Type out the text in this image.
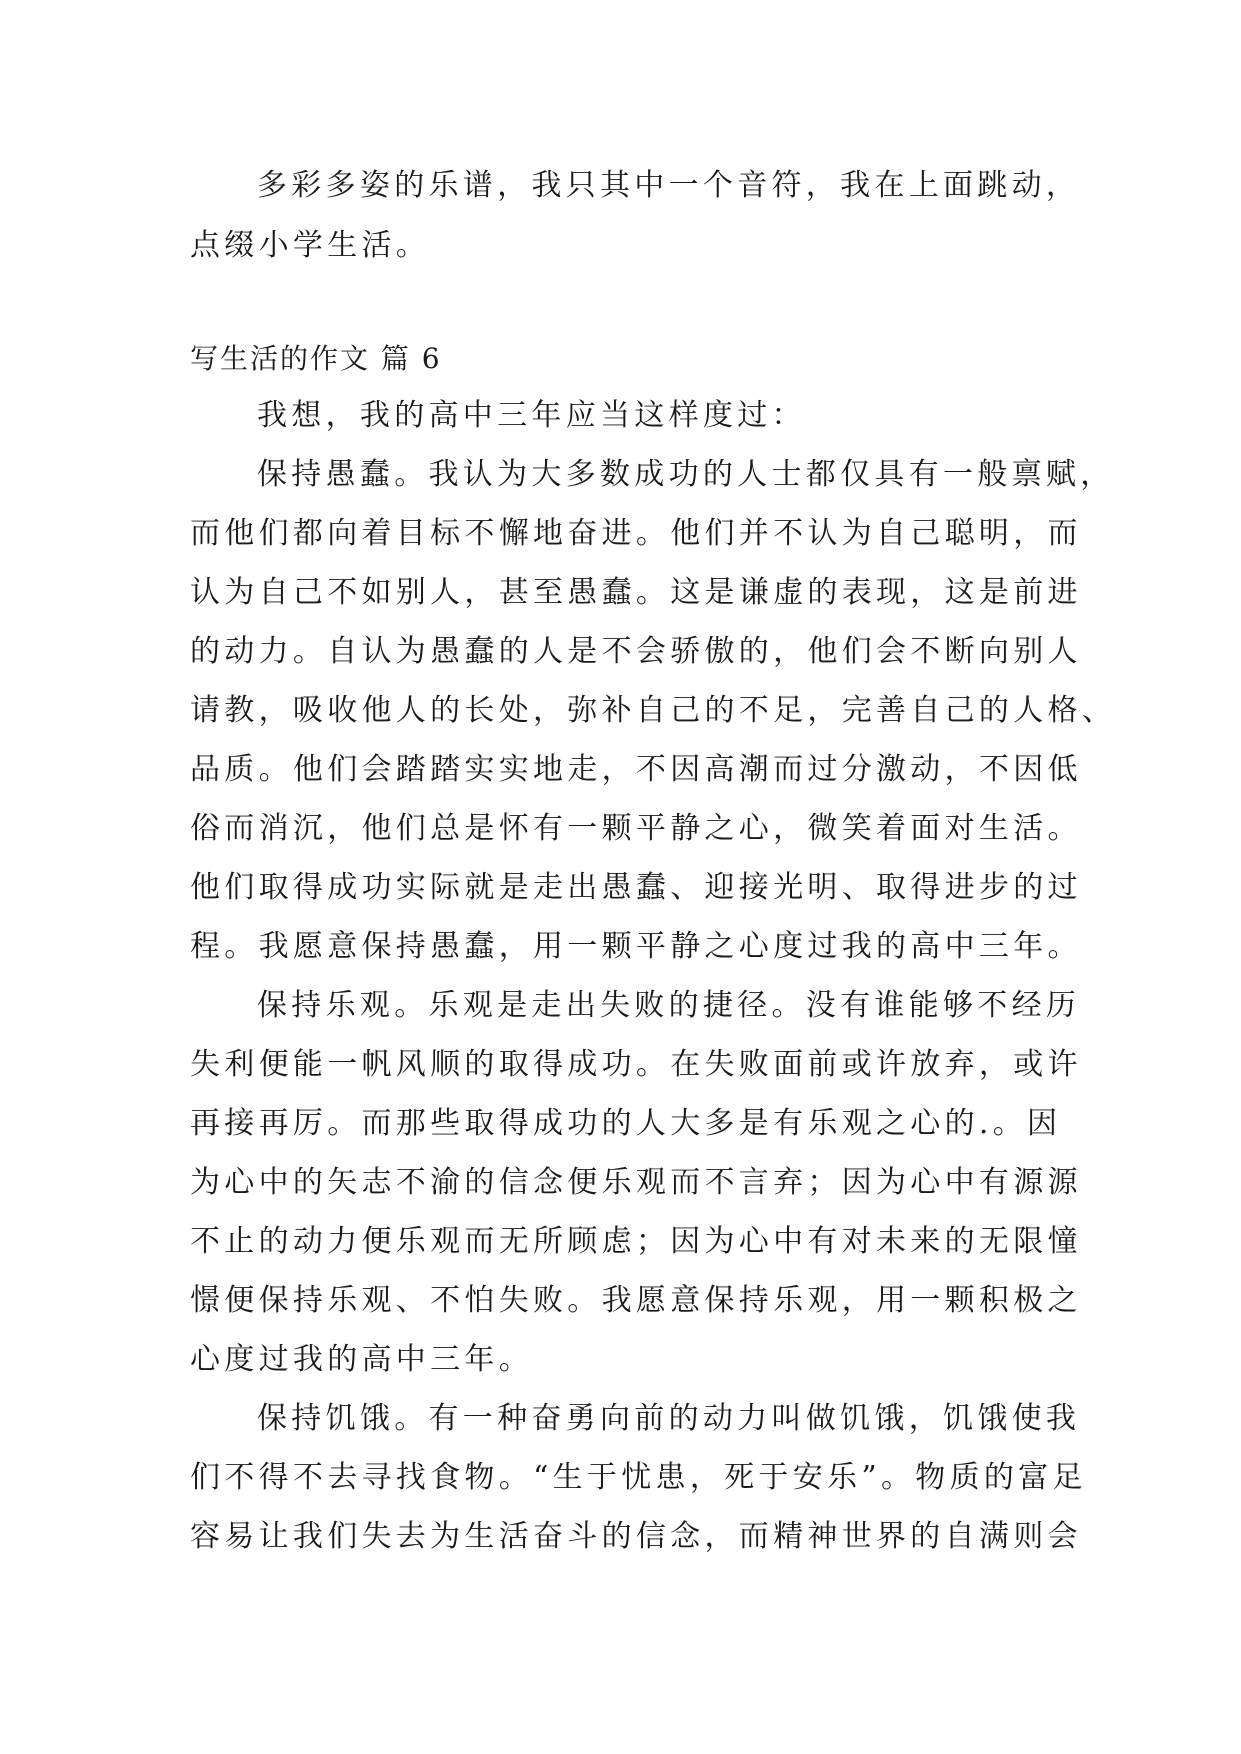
多彩多姿的乐谱，我只其中一个音符，我在上面跳动，
点缀小学生活。
写生活的作文 篇 6
我想，我的高中三年应当这样度过：
保持愚蠢。我认为大多数成功的人士都仅具有一般禀赋，
而他们都向着目标不懈地奋进。他们并不认为自己聪明，而
认为自己不如别人，甚至愚蠢。这是谦虚的表现，这是前进
的动力。自认为愚蠢的人是不会骄傲的，他们会不断向别人
请教，吸收他人的长处，弥补自己的不足，完善自己的人格、
品质。他们会踏踏实实地走，不因高潮而过分激动，不因低
俗而消沉，他们总是怀有一颗平静之心，微笑着面对生活。
他们取得成功实际就是走出愚蠢、迎接光明、取得进步的过
程。我愿意保持愚蠢，用一颗平静之心度过我的高中三年。
保持乐观。乐观是走出失败的捷径。没有谁能够不经历
失利便能一帆风顺的取得成功。在失败面前或许放弃，或许
再接再厉。而那些取得成功的人大多是有乐观之心的.。因
为心中的矢志不渝的信念便乐观而不言弃；因为心中有源源
不止的动力便乐观而无所顾虑；因为心中有对未来的无限憧
憬便保持乐观、不怕失败。我愿意保持乐观，用一颗积极之
心度过我的高中三年。
保持饥饿。有一种奋勇向前的动力叫做饥饿，饥饿使我
们不得不去寻找食物。“生于忧患，死于安乐”。物质的富足
容易让我们失去为生活奋斗的信念，而精神世界的自满则会
